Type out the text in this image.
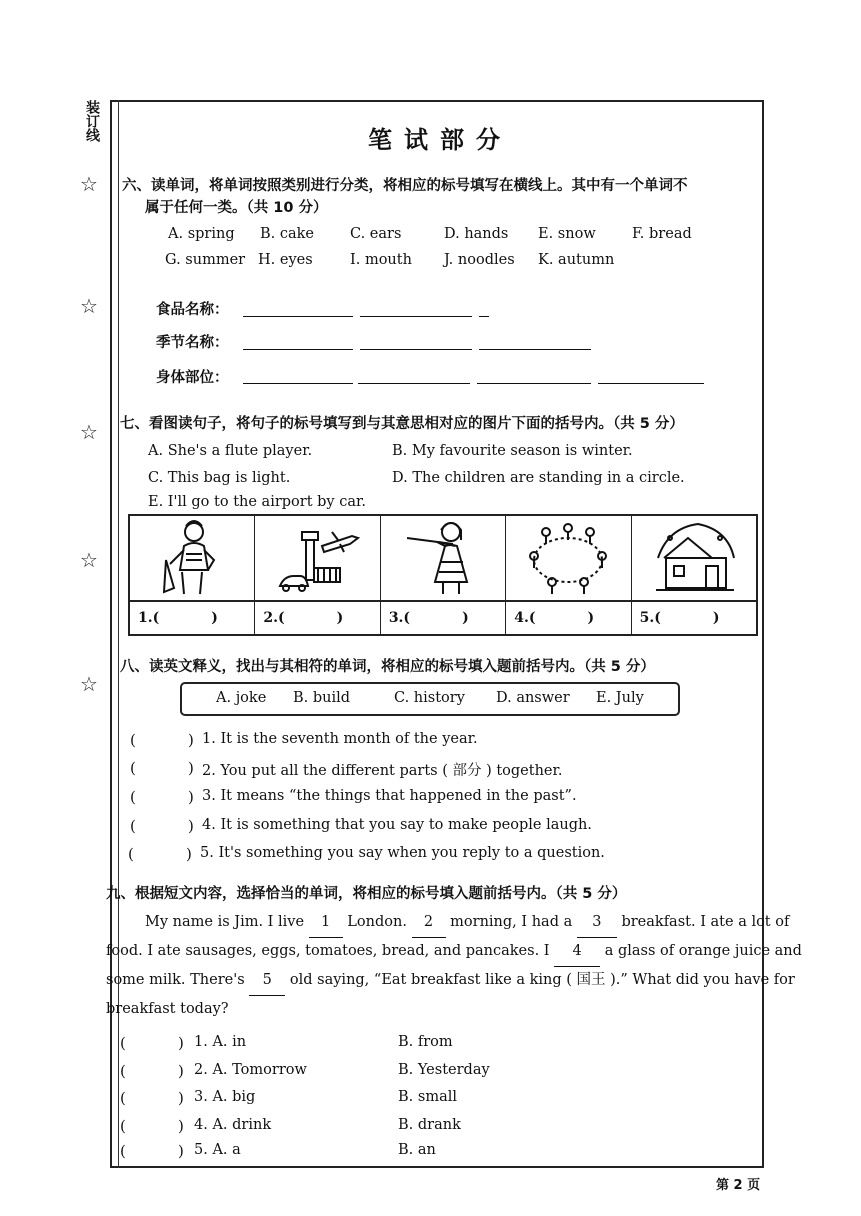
装订线
☆
☆
☆
☆
☆
笔试部分
六、读单词，将单词按照类别进行分类，将相应的标号填写在横线上。其中有一个单词不
属于任何一类。（共 10 分）
A. spring B. cake C. ears	D. hands E. snow	F. bread
G. summer H. eyes	I. mouth J. noodles K. autumn
食品名称：
季节名称：
身体部位：
七、看图读句子，将句子的标号填写到与其意思相对应的图片下面的括号内。（共 5 分）
A. She's a flute player.	B. My favourite season is winter.
C. This bag is light.	D. The children are standing in a circle.
E. I'll go to the airport by car.
1.(	)	2.(	)	3.(	)	4.(	)	5.(	)
八、读英文释义，找出与其相符的单词，将相应的标号填入题前括号内。（共 5 分）
A. joke B. build	C. history D. answer E. July
(	) 1. It is the seventh month of the year.
(	) 2. You put all the different parts ( 部分 ) together.
(	) 3. It means “the things that happened in the past”.
(	) 4. It is something that you say to make people laugh.
(	) 5. It's something you say when you reply to a question.
九、根据短文内容，选择恰当的单词，将相应的标号填入题前括号内。（共 5 分）
My name is Jim. I live 1 London. 2 morning, I had a 3 breakfast. I ate a lot of
food. I ate sausages, eggs, tomatoes, bread, and pancakes. I 4 a glass of orange juice and
some milk. There's 5 old saying, “Eat breakfast like a king ( 国王 ).” What did you have for
breakfast today?
(	) 1. A. in	B. from
(	) 2. A. Tomorrow	B. Yesterday
(	) 3. A. big	B. small
(	) 4. A. drink	B. drank
(	) 5. A. a	B. an
第 2 页
